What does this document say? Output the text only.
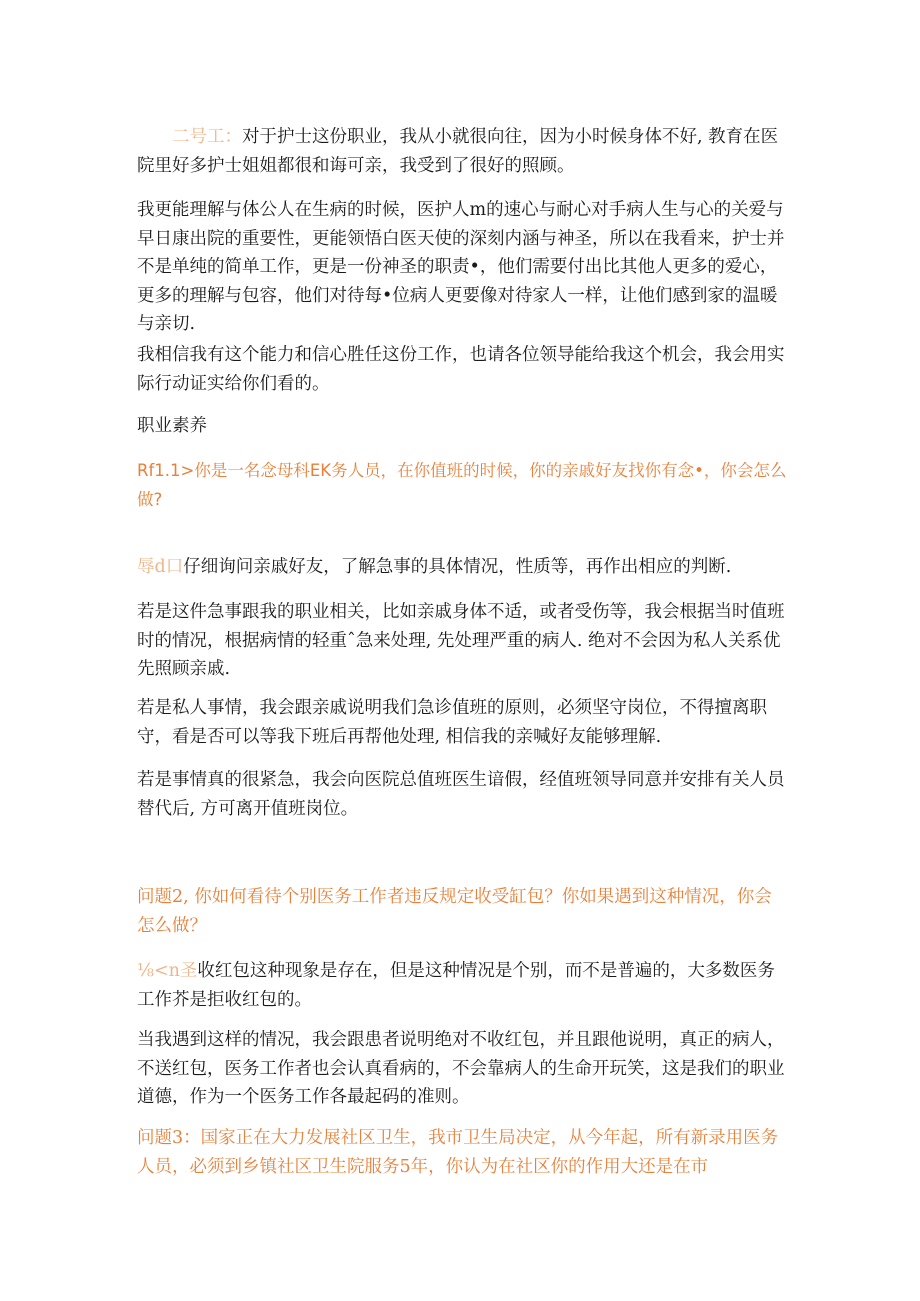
二号工：对于护士这份职业，我从小就很向往，因为小时候身体不好, 教育在医院里好多护士姐姐都很和诲可亲，我受到了很好的照顾。

我更能理解与体公人在生病的时候，医护人m的速心与耐心对手病人生与心的关爱与早日康出院的重要性，更能领悟白医天使的深刻内涵与神圣，所以在我看来，护士并不是单纯的简单工作，更是一份神圣的职责•，他们需要付出比其他人更多的爱心，更多的理解与包容，他们对待每•位病人更要像对待家人一样，让他们感到家的温暖与亲切.

我相信我有这个能力和信心胜任这份工作，也请各位领导能给我这个机会，我会用实际行动证实给你们看的。

职业素养

Rf1.1>你是一名念母科EK务人员，在你值班的时候，你的亲戚好友找你有念•，你会怎么做?

辱d口仔细询问亲戚好友，了解急事的具体情况，性质等，再作出相应的判断.

若是这件急事跟我的职业相关，比如亲戚身体不适，或者受伤等，我会根据当时值班时的情况，根据病情的轻重ˆ急来处理, 先处理严重的病人. 绝对不会因为私人关系优先照顾亲戚.

若是私人事情，我会跟亲戚说明我们急诊值班的原则，必须坚守岗位，不得擅离职守，看是否可以等我下班后再帮他处理, 相信我的亲喊好友能够理解.

若是事情真的很紧急，我会向医院总值班医生谙假，经值班领导同意并安排有关人员替代后, 方可离开值班岗位。

问题2, 你如何看待个别医务工作者违反规定收受缸包？你如果遇到这种情况，你会怎么做？

⅛<n圣收红包这种现象是存在，但是这种情况是个别，而不是普遍的，大多数医务工作芥是拒收红包的。

当我遇到这样的情况，我会跟患者说明绝对不收红包，并且跟他说明，真正的病人，不送红包，医务工作者也会认真看病的，不会靠病人的生命开玩笑，这是我们的职业道德，作为一个医务工作各最起码的准则。

问题3：国家正在大力发展社区卫生，我市卫生局决定，从今年起，所有新录用医务人员，必须到乡镇社区卫生院服务5年，你认为在社区你的作用大还是在市
